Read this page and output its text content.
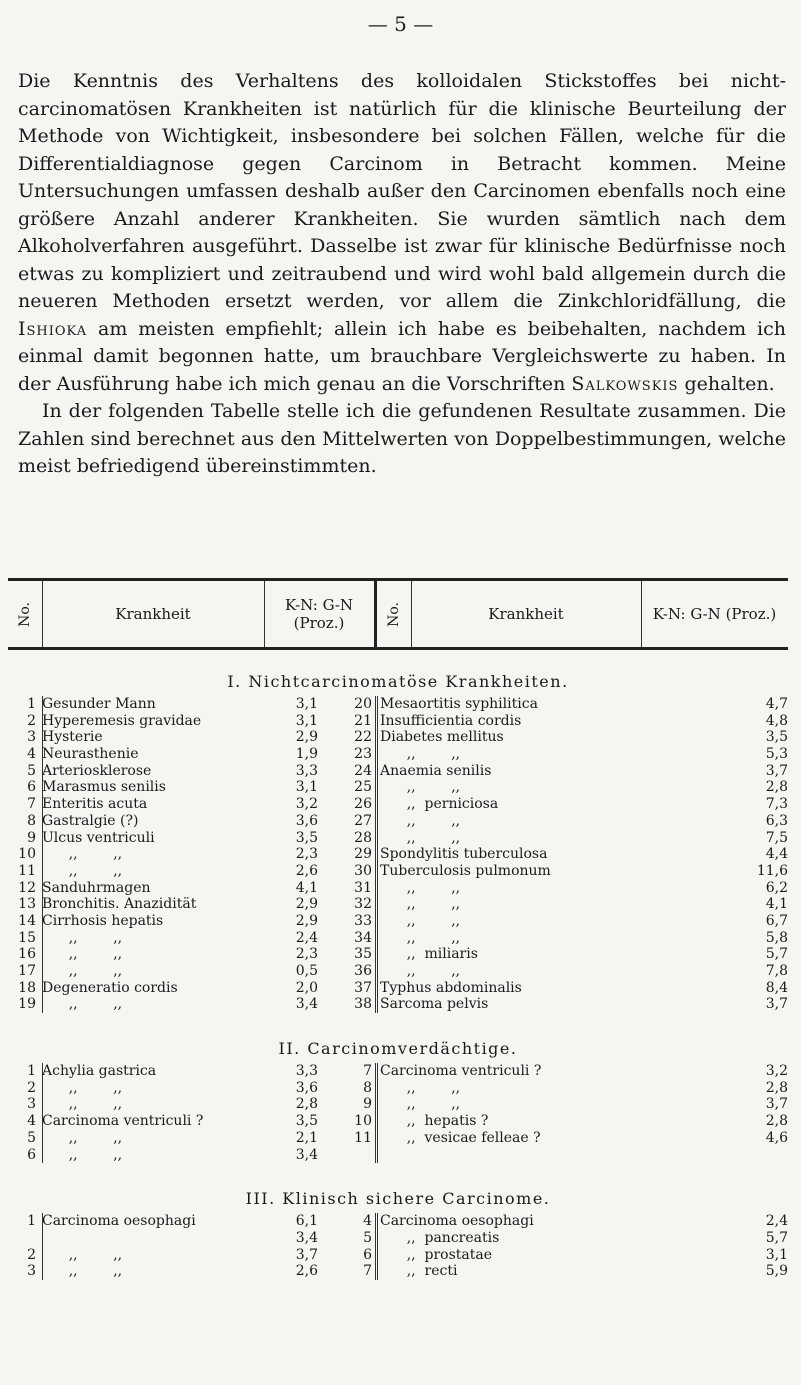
— 5 —

Die Kenntnis des Verhaltens des kolloidalen Stickstoffes bei nicht-carcinomatösen Krankheiten ist natürlich für die klinische Beurteilung der Methode von Wichtigkeit, insbesondere bei solchen Fällen, welche für die Differentialdiagnose gegen Carcinom in Betracht kommen. Meine Untersuchungen umfassen deshalb außer den Carcinomen ebenfalls noch eine größere Anzahl anderer Krankheiten. Sie wurden sämtlich nach dem Alkoholverfahren ausgeführt. Dasselbe ist zwar für klinische Bedürfnisse noch etwas zu kompliziert und zeitraubend und wird wohl bald allgemein durch die neueren Methoden ersetzt werden, vor allem die Zinkchloridfällung, die Ishioka am meisten empfiehlt; allein ich habe es beibehalten, nachdem ich einmal damit begonnen hatte, um brauchbare Vergleichswerte zu haben. In der Ausführung habe ich mich genau an die Vorschriften Salkowskis gehalten.

In der folgenden Tabelle stelle ich die gefundenen Resultate zusammen. Die Zahlen sind berechnet aus den Mittelwerten von Doppelbestimmungen, welche meist befriedigend übereinstimmten.

No.	Krankheit	K-N: G-N (Proz.)	No.	Krankheit	K-N: G-N (Proz.)
I. Nichtcarcinomatöse Krankheiten.
1 Gesunder Mann	3,1	20 Mesaortitis syphilitica	4,7
2 Hyperemesis gravidae	3,1	21 Insufficientia cordis	4,8
3 Hysterie	2,9	22 Diabetes mellitus	3,5
4 Neurasthenie	1,9	23 ,,        ,,	5,3
5 Arteriosklerose	3,3	24 Anaemia senilis	3,7
6 Marasmus senilis	3,1	25 ,,        ,,	2,8
7 Enteritis acuta	3,2	26 ,,  perniciosa	7,3
8 Gastralgie (?)	3,6	27 ,,        ,,	6,3
9 Ulcus ventriculi	3,5	28 ,,        ,,	7,5
10 ,,        ,,	2,3	29 Spondylitis tuberculosa	4,4
11 ,,        ,,	2,6	30 Tuberculosis pulmonum	11,6
12 Sanduhrmagen	4,1	31 ,,        ,,	6,2
13 Bronchitis. Anazidität	2,9	32 ,,        ,,	4,1
14 Cirrhosis hepatis	2,9	33 ,,        ,,	6,7
15 ,,        ,,	2,4	34 ,,        ,,	5,8
16 ,,        ,,	2,3	35 ,,  miliaris	5,7
17 ,,        ,,	0,5	36 ,,        ,,	7,8
18 Degeneratio cordis	2,0	37 Typhus abdominalis	8,4
19 ,,        ,,	3,4	38 Sarcoma pelvis	3,7
II. Carcinomverdächtige.
1 Achylia gastrica	3,3	7 Carcinoma ventriculi ?	3,2
2 ,,        ,,	3,6	8 ,,        ,,	2,8
3 ,,        ,,	2,8	9 ,,        ,,	3,7
4 Carcinoma ventriculi ?	3,5	10 ,,  hepatis ?	2,8
5 ,,        ,,	2,1	11 ,,  vesicae felleae ?	4,6
6 ,,        ,,	3,4
III. Klinisch sichere Carcinome.
1 Carcinoma oesophagi	6,1	4 Carcinoma oesophagi	2,4
3,4	5 ,,  pancreatis	5,7
2 ,,        ,,	3,7	6 ,,  prostatae	3,1
3 ,,        ,,	2,6	7 ,,  recti	5,9
